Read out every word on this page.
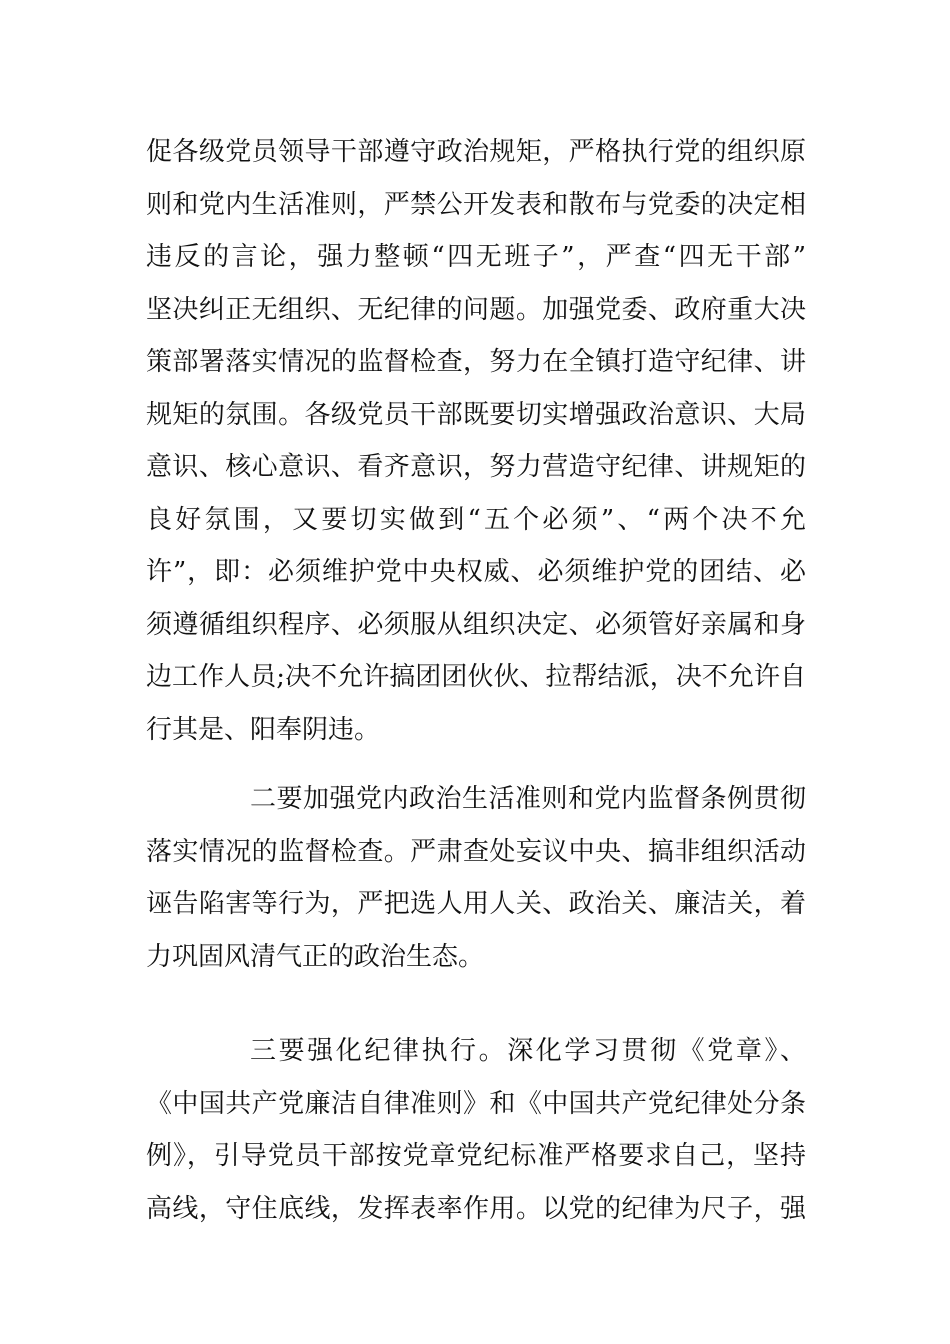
促各级党员领导干部遵守政治规矩，严格执行党的组织原
则和党内生活准则，严禁公开发表和散布与党委的决定相
违反的言论，强力整顿“四无班子”，严查“四无干部”
坚决纠正无组织、无纪律的问题。加强党委、政府重大决
策部署落实情况的监督检查，努力在全镇打造守纪律、讲
规矩的氛围。各级党员干部既要切实增强政治意识、大局
意识、核心意识、看齐意识，努力营造守纪律、讲规矩的
良好氛围，又要切实做到“五个必须”、“两个决不允
许”，即：必须维护党中央权威、必须维护党的团结、必
须遵循组织程序、必须服从组织决定、必须管好亲属和身
边工作人员;决不允许搞团团伙伙、拉帮结派，决不允许自
行其是、阳奉阴违。
二要加强党内政治生活准则和党内监督条例贯彻
落实情况的监督检查。严肃查处妄议中央、搞非组织活动
诬告陷害等行为，严把选人用人关、政治关、廉洁关，着
力巩固风清气正的政治生态。
三要强化纪律执行。深化学习贯彻《党章》、
《中国共产党廉洁自律准则》和《中国共产党纪律处分条
例》，引导党员干部按党章党纪标准严格要求自己，坚持
高线，守住底线，发挥表率作用。以党的纪律为尺子，强
